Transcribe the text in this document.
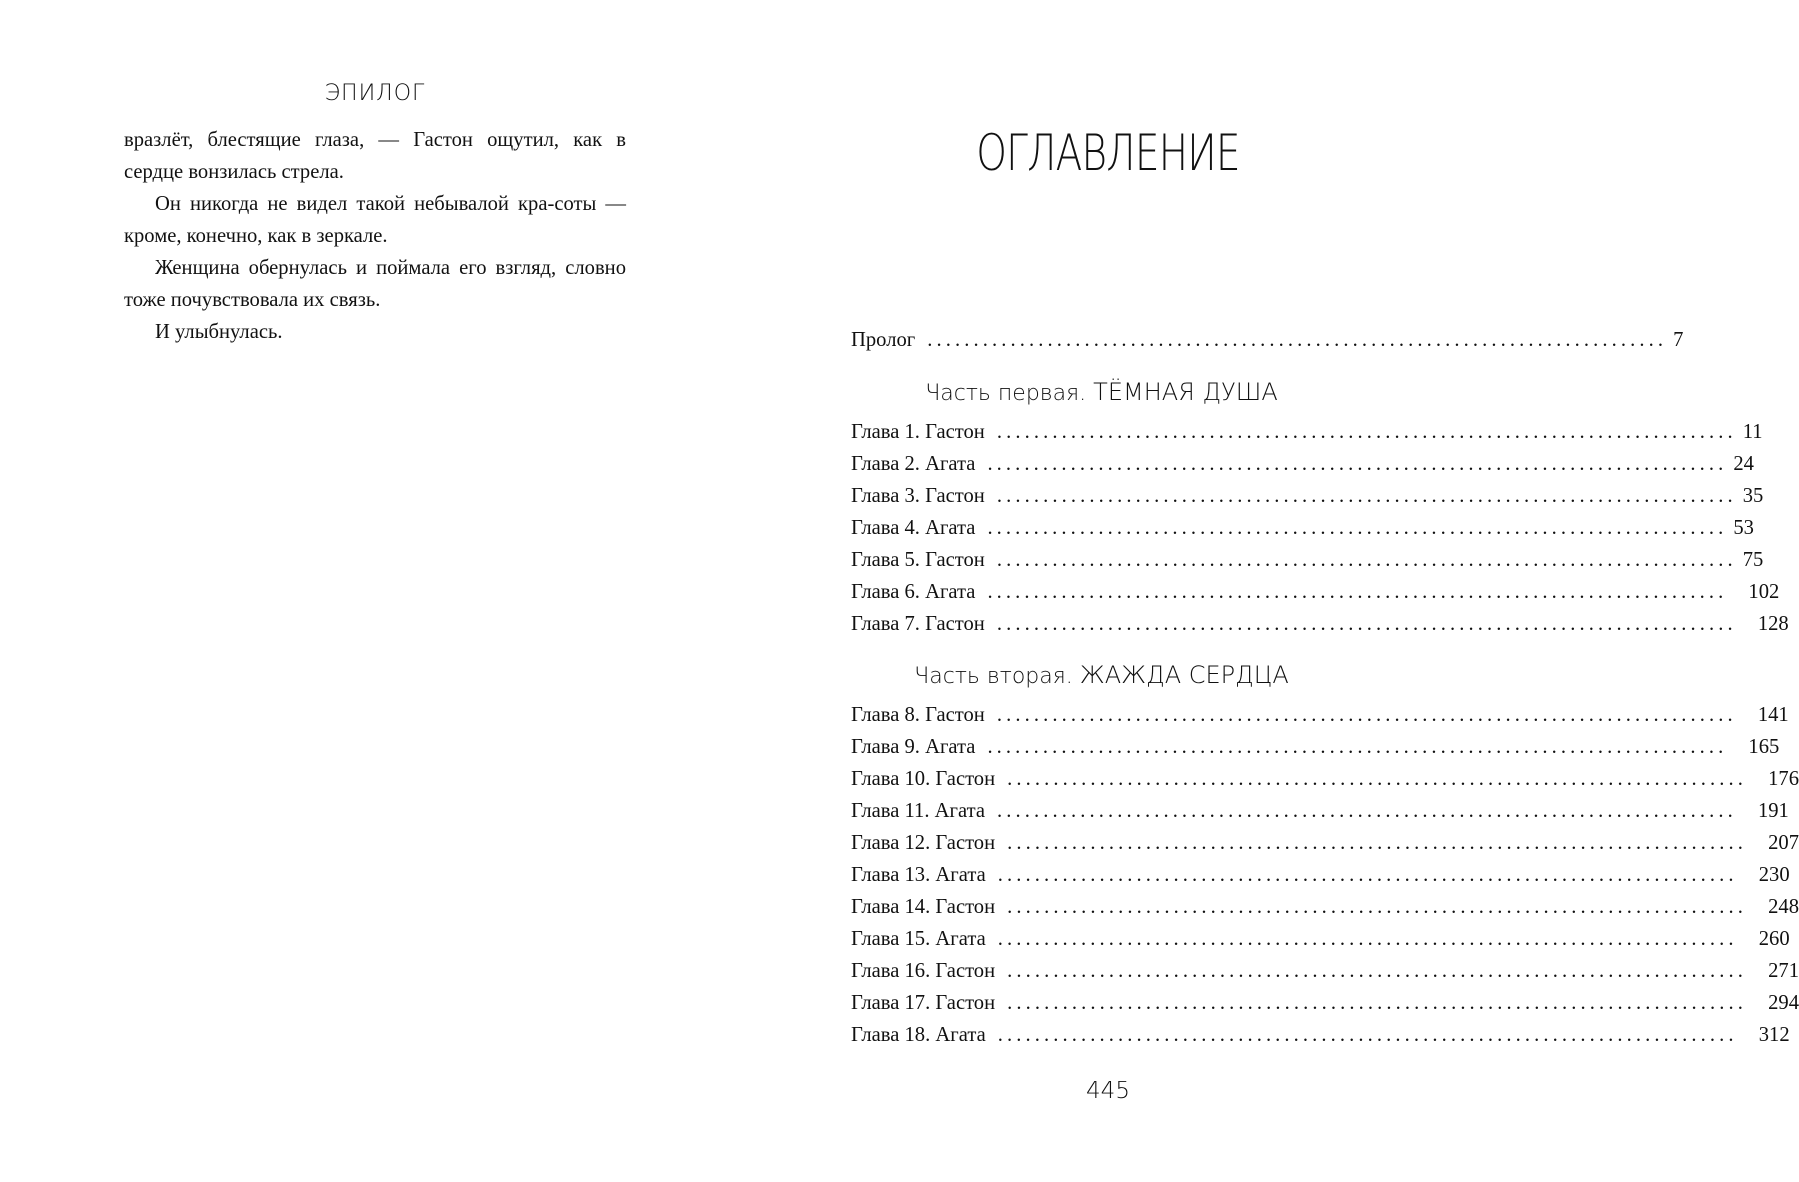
ЭПИЛОГ

вразлёт, блестящие глаза, — Гастон ощутил, как в сердце вонзилась стрела.

Он никогда не видел такой небывалой кра-соты — кроме, конечно, как в зеркале.

Женщина обернулась и поймала его взгляд, словно тоже почувствовала их связь.

И улыбнулась.

ОГЛАВЛЕНИЕ
Пролог ................................................................................ 7
Часть первая. ТЁМНАЯ ДУША
Глава 1. Гастон ................................................................................ 11
Глава 2. Агата ................................................................................ 24
Глава 3. Гастон ................................................................................ 35
Глава 4. Агата ................................................................................ 53
Глава 5. Гастон ................................................................................ 75
Глава 6. Агата ................................................................................	102
Глава 7. Гастон ................................................................................	128
Часть вторая. ЖАЖДА СЕРДЦА
Глава 8. Гастон ................................................................................	141
Глава 9. Агата ................................................................................	165
Глава 10. Гастон ................................................................................	176
Глава 11. Агата ................................................................................	191
Глава 12. Гастон ................................................................................	207
Глава 13. Агата ................................................................................	230
Глава 14. Гастон ................................................................................	248
Глава 15. Агата ................................................................................	260
Глава 16. Гастон ................................................................................	271
Глава 17. Гастон ................................................................................	294
Глава 18. Агата ................................................................................	312
445
